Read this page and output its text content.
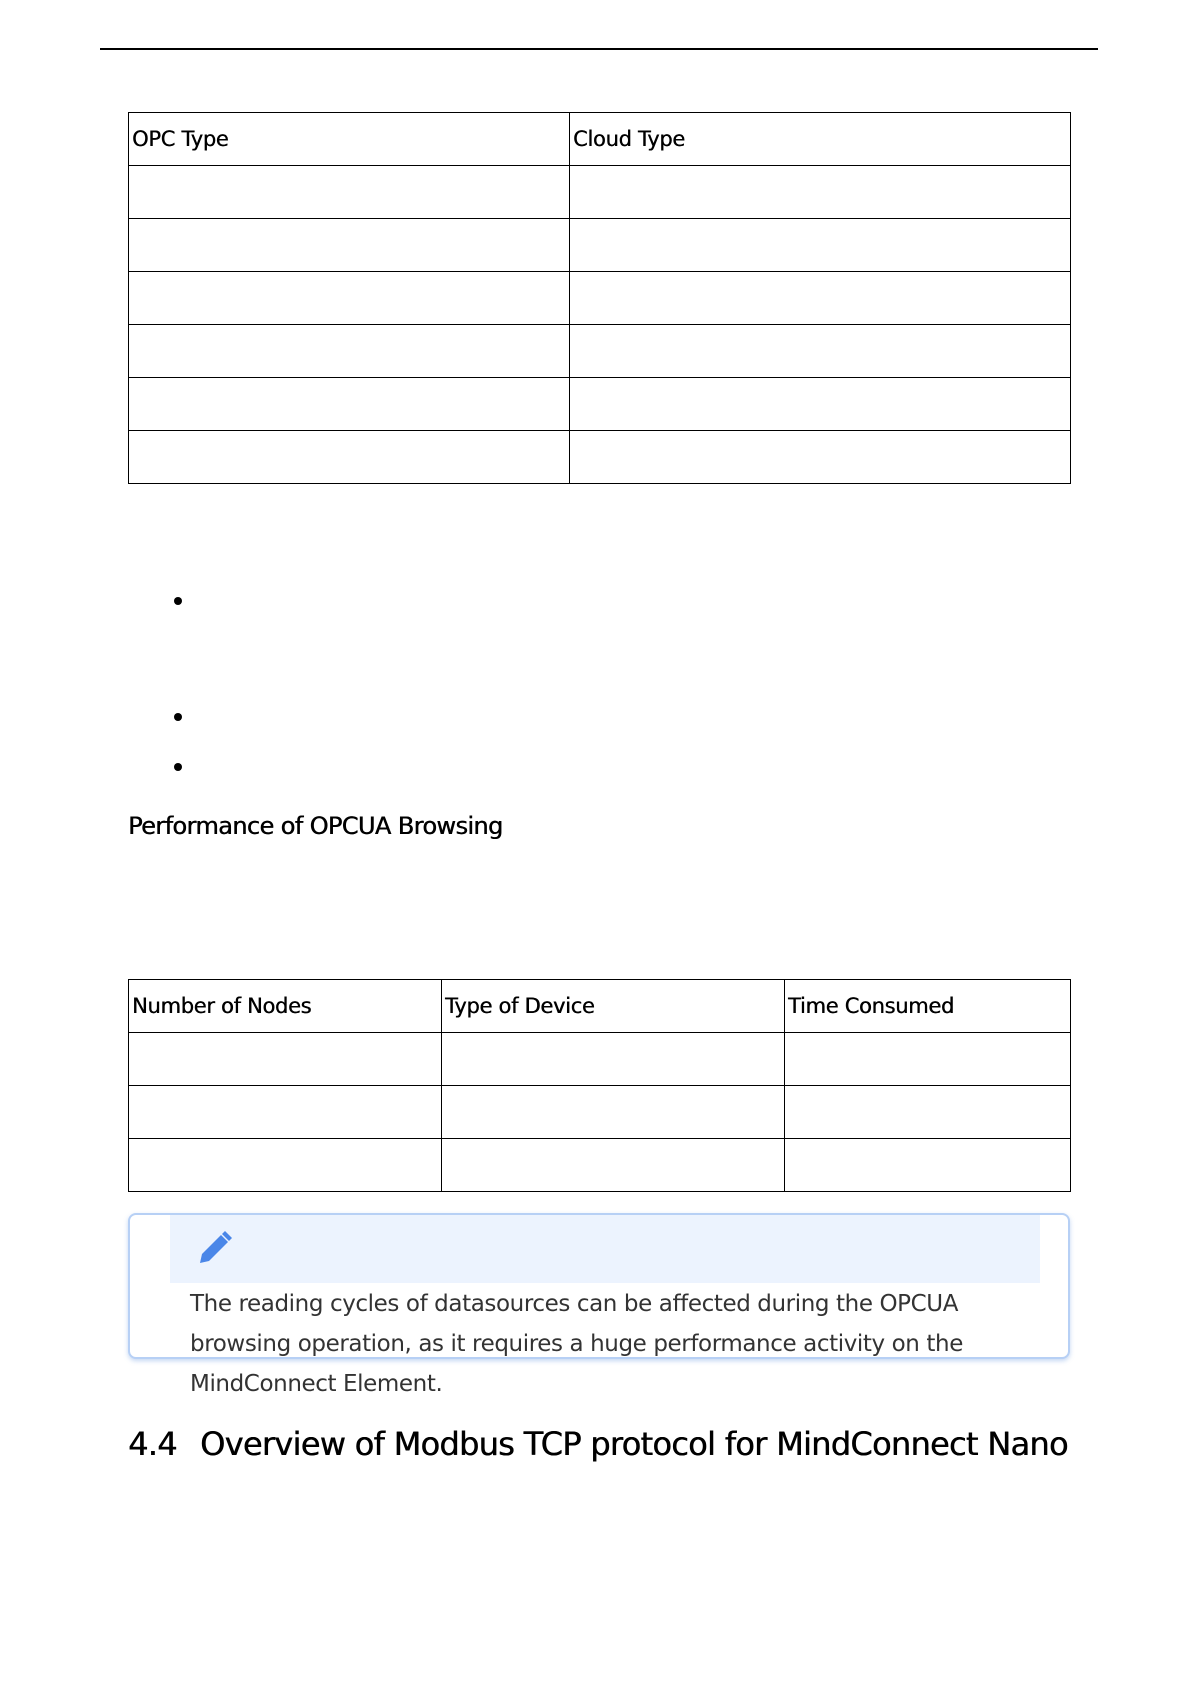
OPC Type	Cloud Type

Performance of OPCUA Browsing
Number of Nodes	Type of Device	Time Consumed

The reading cycles of datasources can be affected during the OPCUA browsing operation, as it requires a huge performance activity on the MindConnect Element.

4.4 Overview of Modbus TCP protocol for MindConnect Nano
